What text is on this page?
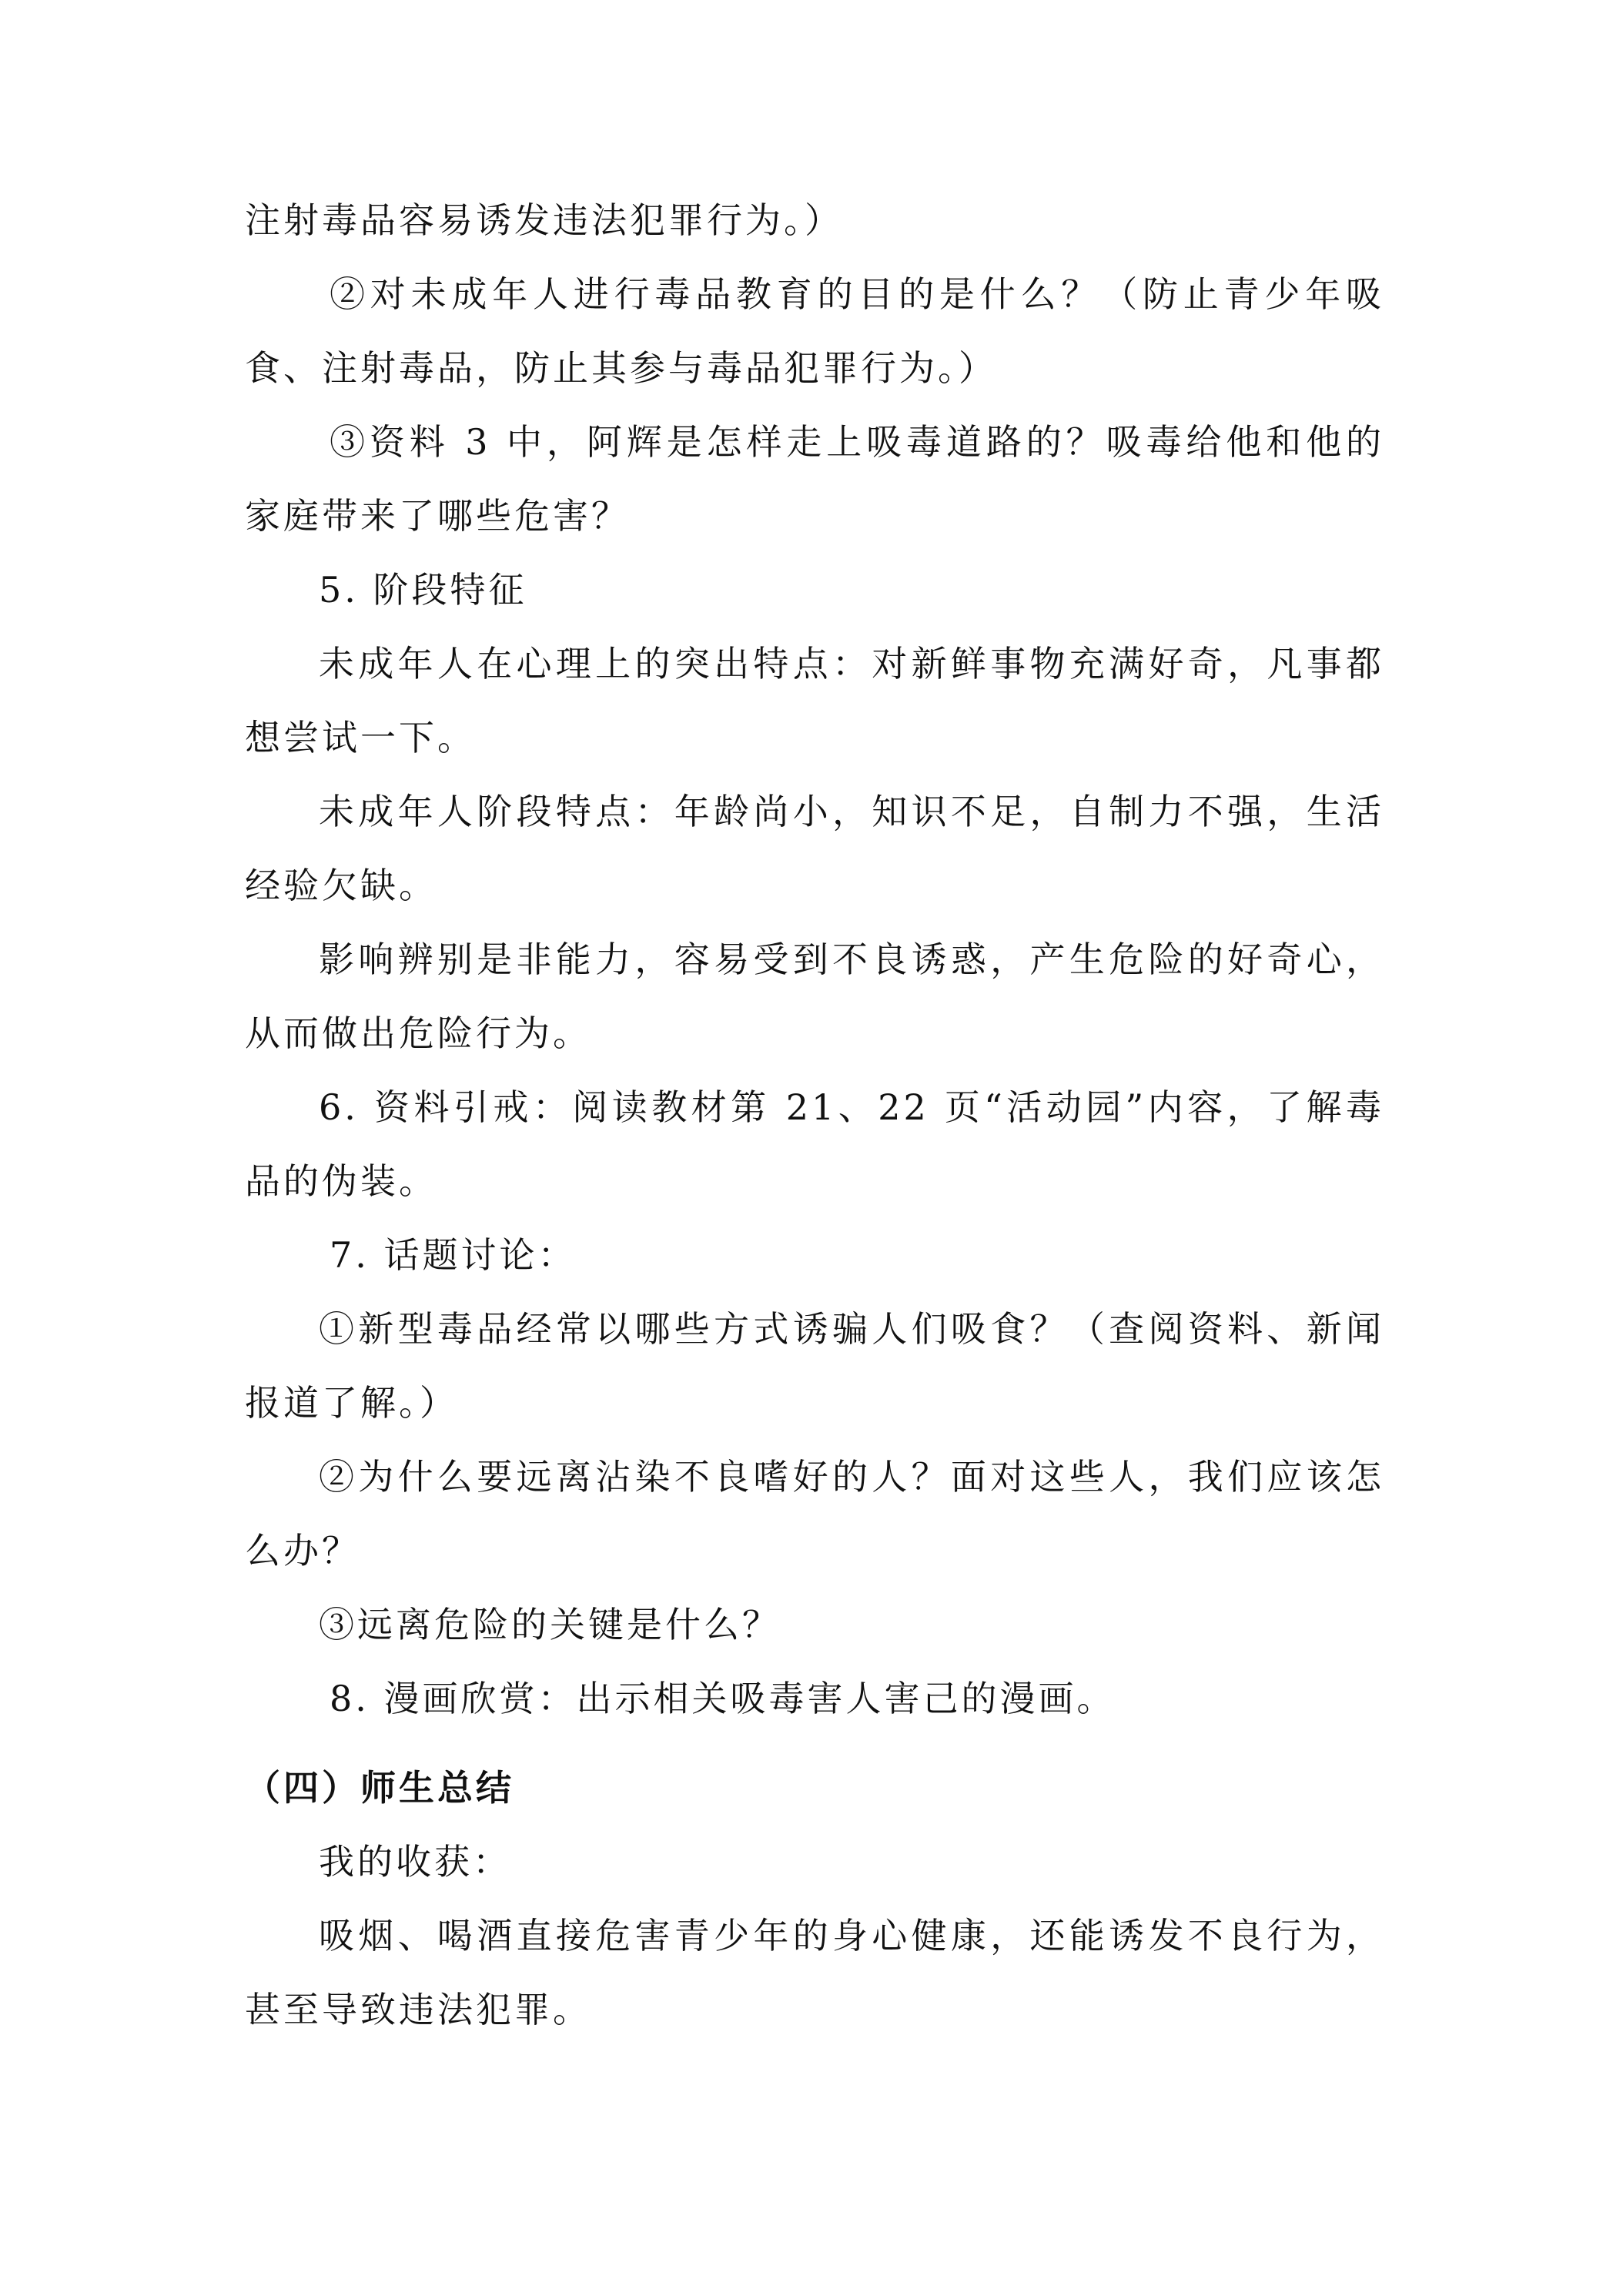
注射毒品容易诱发违法犯罪行为。）

②对未成年人进行毒品教育的目的是什么？（防止青少年吸食、注射毒品，防止其参与毒品犯罪行为。）

③资料 3 中，阿辉是怎样走上吸毒道路的？吸毒给他和他的家庭带来了哪些危害？

5. 阶段特征

未成年人在心理上的突出特点：对新鲜事物充满好奇，凡事都想尝试一下。

未成年人阶段特点：年龄尚小，知识不足，自制力不强，生活经验欠缺。

影响辨别是非能力，容易受到不良诱惑，产生危险的好奇心，从而做出危险行为。

6. 资料引戒：阅读教材第 21、22 页“活动园”内容，了解毒品的伪装。

7. 话题讨论：

①新型毒品经常以哪些方式诱骗人们吸食？（查阅资料、新闻报道了解。）

②为什么要远离沾染不良嗜好的人？面对这些人，我们应该怎么办？

③远离危险的关键是什么？

8. 漫画欣赏：出示相关吸毒害人害己的漫画。

（四）师生总结

我的收获：

吸烟、喝酒直接危害青少年的身心健康，还能诱发不良行为，甚至导致违法犯罪。
